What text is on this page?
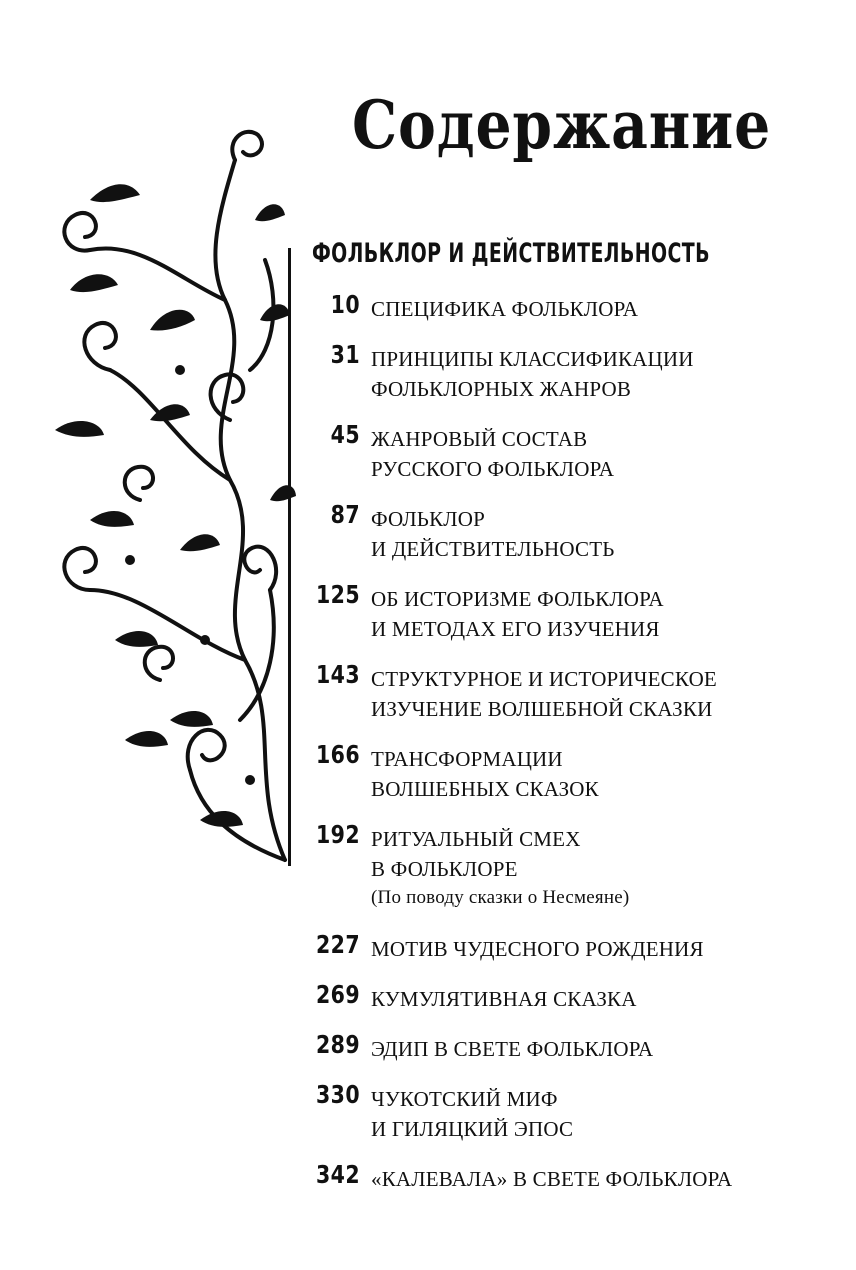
Содержание
ФОЛЬКЛОР И ДЕЙСТВИТЕЛЬНОСТЬ
10 СПЕЦИФИКА ФОЛЬКЛОРА
31 ПРИНЦИПЫ КЛАССИФИКАЦИИ
ФОЛЬКЛОРНЫХ ЖАНРОВ
45 ЖАНРОВЫЙ СОСТАВ
РУССКОГО ФОЛЬКЛОРА
87 ФОЛЬКЛОР
И ДЕЙСТВИТЕЛЬНОСТЬ
125 ОБ ИСТОРИЗМЕ ФОЛЬКЛОРА
И МЕТОДАХ ЕГО ИЗУЧЕНИЯ
143 СТРУКТУРНОЕ И ИСТОРИЧЕСКОЕ
ИЗУЧЕНИЕ ВОЛШЕБНОЙ СКАЗКИ
166 ТРАНСФОРМАЦИИ
ВОЛШЕБНЫХ СКАЗОК
192 РИТУАЛЬНЫЙ СМЕХ
В ФОЛЬКЛОРЕ
(По поводу сказки о Несмеяне)
227 МОТИВ ЧУДЕСНОГО РОЖДЕНИЯ
269 КУМУЛЯТИВНАЯ СКАЗКА
289 ЭДИП В СВЕТЕ ФОЛЬКЛОРА
330 ЧУКОТСКИЙ МИФ
И ГИЛЯЦКИЙ ЭПОС
342 «КАЛЕВАЛА» В СВЕТЕ ФОЛЬКЛОРА
